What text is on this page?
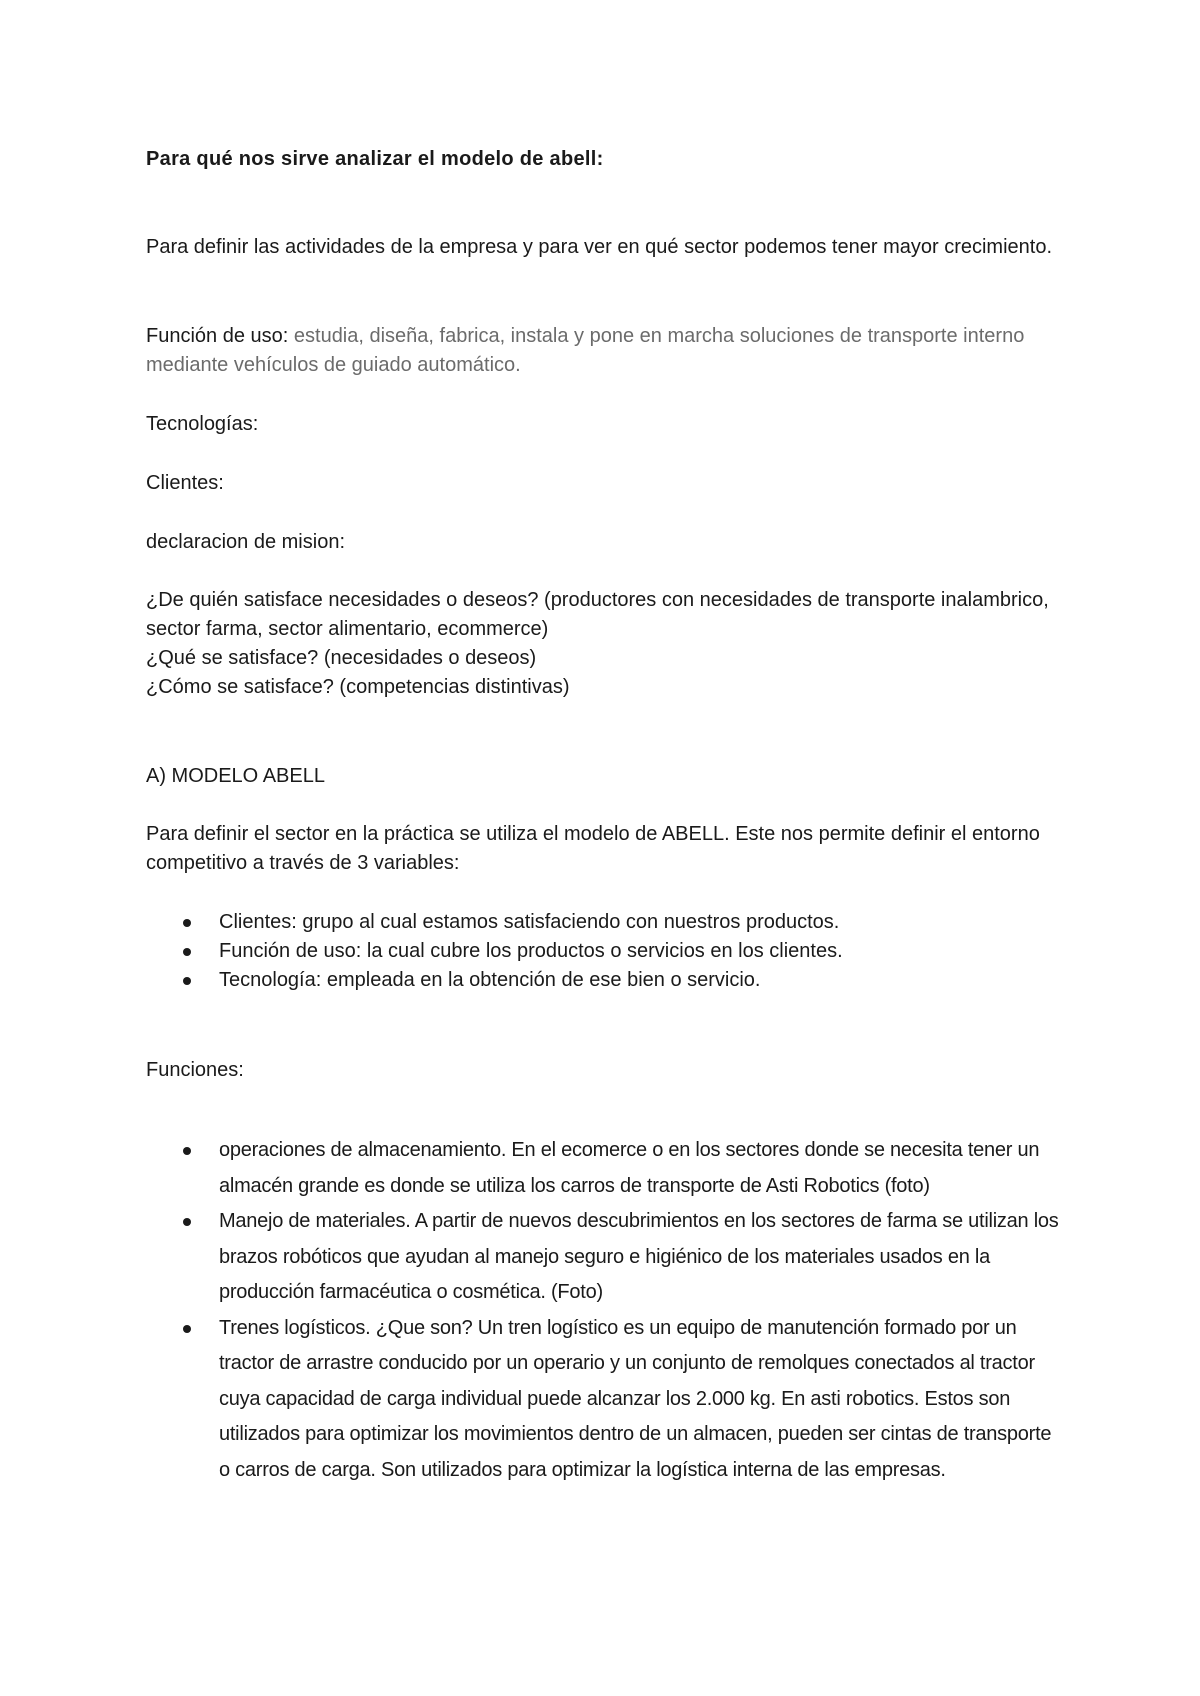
Para qué nos sirve analizar el modelo de abell:

Para definir las actividades de la empresa y para ver en qué sector podemos tener mayor crecimiento.

Función de uso: estudia, diseña, fabrica, instala y pone en marcha soluciones de transporte interno mediante vehículos de guiado automático.

Tecnologías:

Clientes:

declaracion de mision:

¿De quién satisface necesidades o deseos? (productores con necesidades de transporte inalambrico, sector farma, sector alimentario, ecommerce)
¿Qué se satisface? (necesidades o deseos)
¿Cómo se satisface? (competencias distintivas)

A) MODELO ABELL

Para definir el sector en la práctica se utiliza el modelo de ABELL. Este nos permite definir el entorno competitivo a través de 3 variables:

Clientes: grupo al cual estamos satisfaciendo con nuestros productos.
Función de uso: la cual cubre los productos o servicios en los clientes.
Tecnología: empleada en la obtención de ese bien o servicio.

Funciones:

operaciones de almacenamiento. En el ecomerce o en los sectores donde se necesita tener un almacén grande es donde se utiliza los carros de transporte de Asti Robotics (foto)
Manejo de materiales. A partir de nuevos descubrimientos en los sectores de farma se utilizan los brazos robóticos que ayudan al manejo seguro e higiénico de los materiales usados en la producción farmacéutica o cosmética. (Foto)
Trenes logísticos. ¿Que son? Un tren logístico es un equipo de manutención formado por un tractor de arrastre conducido por un operario y un conjunto de remolques conectados al tractor cuya capacidad de carga individual puede alcanzar los 2.000 kg. En asti robotics. Estos son utilizados para optimizar los movimientos dentro de un almacen, pueden ser cintas de transporte o carros de carga. Son utilizados para optimizar la logística interna de las empresas.
